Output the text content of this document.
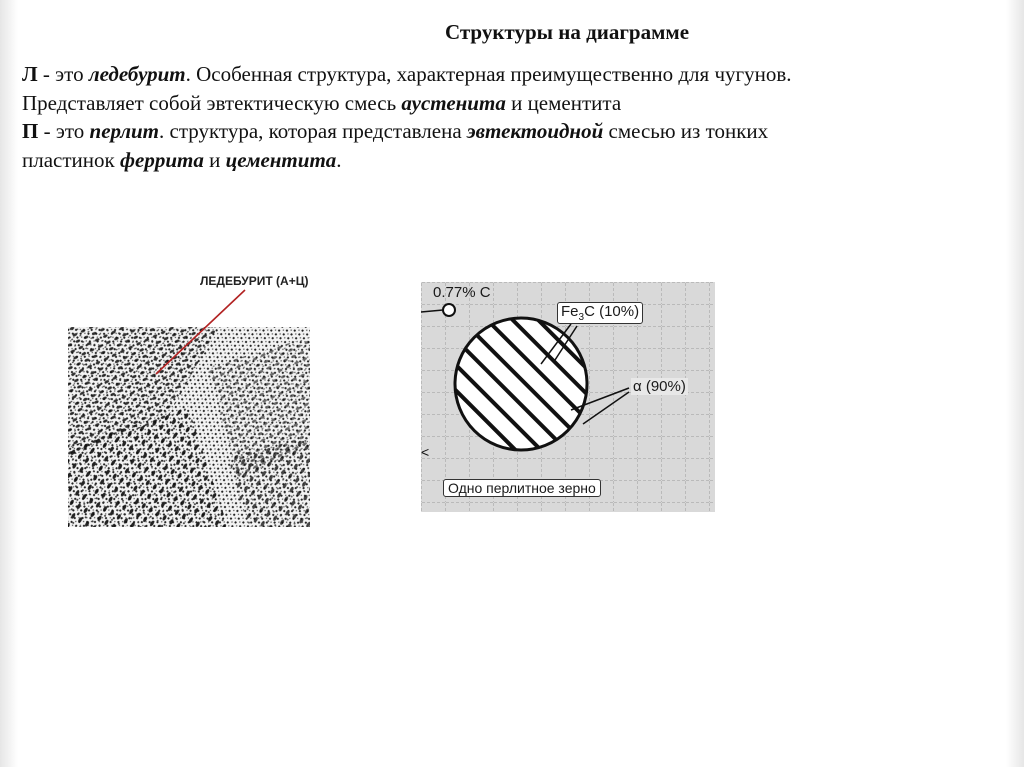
Структуры на диаграмме

Л - это ледебурит. Особенная структура, характерная преимущественно для чугунов.
Представляет собой эвтектическую смесь аустенита и цементита

П - это перлит. структура, которая представлена эвтектоидной смесью из тонких
пластинок феррита и цементита.

ЛЕДЕБУРИТ (А+Ц)
<
0.77% C
$Fe_3C$ (10%)
α (90%)
Одно перлитное зерно
